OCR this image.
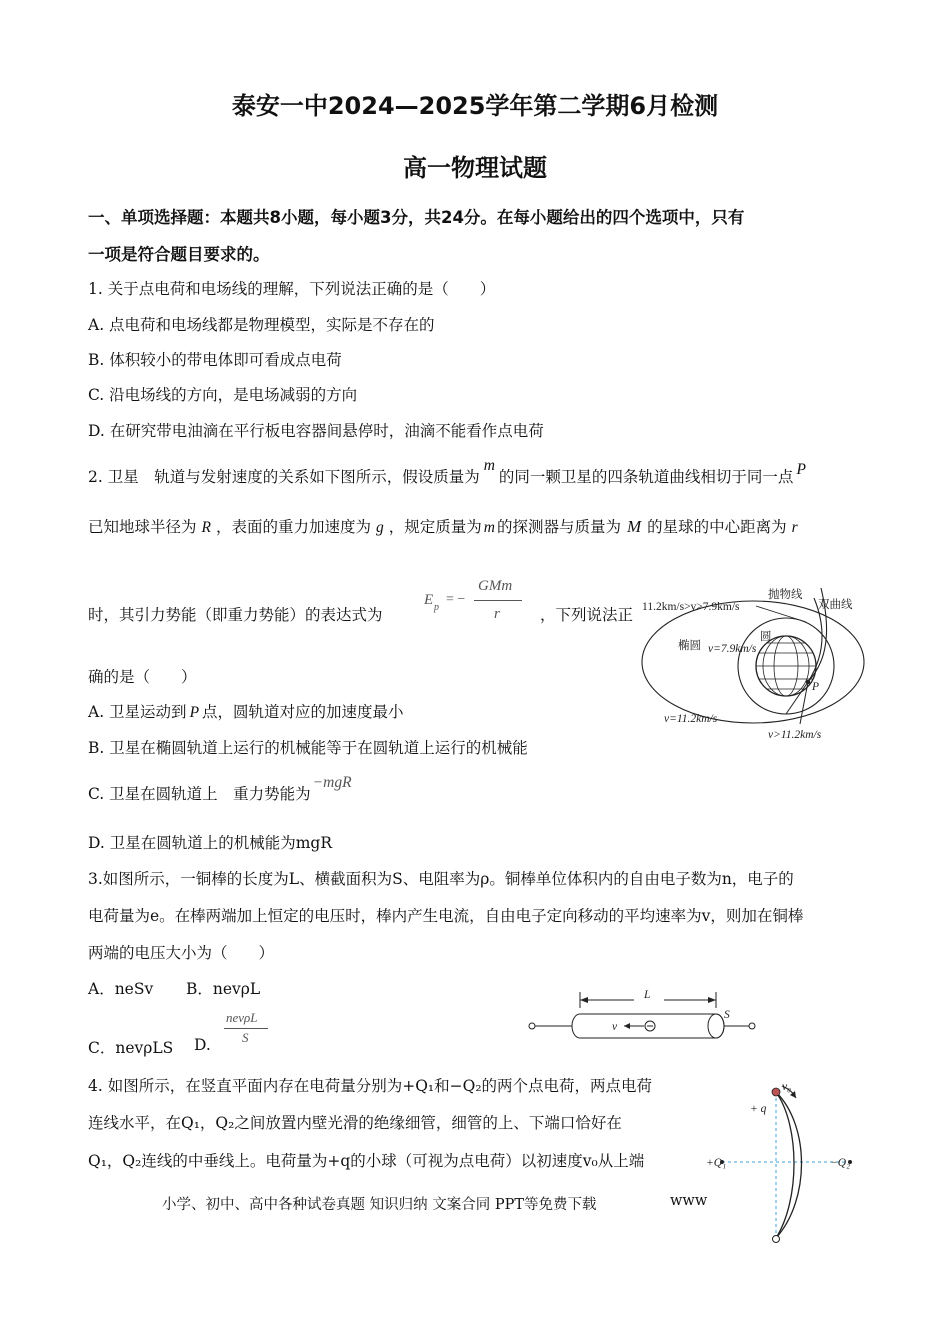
泰安一中2024—2025学年第二学期6月检测
高一物理试题
一、单项选择题：本题共8小题，每小题3分，共24分。在每小题给出的四个选项中，只有
一项是符合题目要求的。
1. 关于点电荷和电场线的理解，下列说法正确的是（　　）
A. 点电荷和电场线都是物理模型，实际是不存在的
B. 体积较小的带电体即可看成点电荷
C. 沿电场线的方向，是电场减弱的方向
D. 在研究带电油滴在平行板电容器间悬停时，油滴不能看作点电荷
2. 卫星　轨道与发射速度的关系如下图所示，假设质量为m的同一颗卫星的四条轨道曲线相切于同一点 P
已知地球半径为 R ，表面的重力加速度为 g ，规定质量为 m 的探测器与质量为 M 的星球的中心距离为 r
时，其引力势能（即重力势能）的表达式为
E p
= −
GMm
r	，下列说法正
确的是（　　）
A. 卫星运动到 P 点，圆轨道对应的加速度最小
B. 卫星在椭圆轨道上运行的机械能等于在圆轨道上运行的机械能
C. 卫星在圆轨道上　重力势能为−mgR
D. 卫星在圆轨道上的机械能为mgR
11.2km/s>v>7.9km/s
抛物线
双曲线
椭圆
圆
v=7.9km/s
P
v=11.2km/s
v>11.2km/s
3.如图所示，一铜棒的长度为L、横截面积为S、电阻率为ρ。铜棒单位体积内的自由电子数为n，电子的
电荷量为e。在棒两端加上恒定的电压时，棒内产生电流，自由电子定向移动的平均速率为v，则加在铜棒
两端的电压大小为（　　）
A．neSv B．nevρL
C．nevρLS D.
nevρL
S
L
S
v
4. 如图所示，在竖直平面内存在电荷量分别为+Q₁和−Q₂的两个点电荷，两点电荷
连线水平，在Q₁，Q₂之间放置内壁光滑的绝缘细管，细管的上、下端口恰好在
Q₁，Q₂连线的中垂线上。电荷量为+q的小球（可视为点电荷）以初速度v₀从上端
v₀
+ q
+Q₁	−Q₂
小学、初中、高中各种试卷真题 知识归纳 文案合同 PPT等免费下载	www
